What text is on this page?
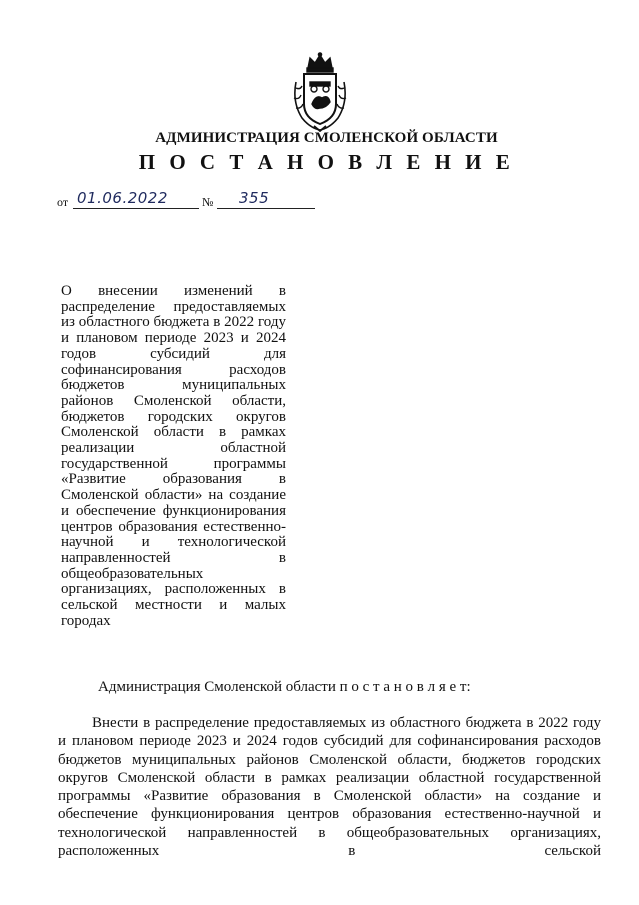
АДМИНИСТРАЦИЯ СМОЛЕНСКОЙ ОБЛАСТИ
П О С Т А Н О В Л Е Н И Е
от 01.06.2022	№ 355

О внесении изменений в распределение предоставляемых из областного бюджета в 2022 году и плановом периоде 2023 и 2024 годов субсидий для софинансирования расходов бюджетов муниципальных районов Смоленской области, бюджетов городских округов Смоленской области в рамках реализации областной государственной программы «Развитие образования в Смоленской области» на создание и обеспечение функционирования центров образования естественно-научной и технологической направленностей в общеобразовательных организациях, расположенных в сельской местности и малых городах

Администрация Смоленской области п о с т а н о в л я е т:

Внести в распределение предоставляемых из областного бюджета в 2022 году и плановом периоде 2023 и 2024 годов субсидий для софинансирования расходов бюджетов муниципальных районов Смоленской области, бюджетов городских округов Смоленской области в рамках реализации областной государственной программы «Развитие образования в Смоленской области» на создание и обеспечение функционирования центров образования естественно-научной и технологической направленностей в общеобразовательных организациях, расположенных в сельской
